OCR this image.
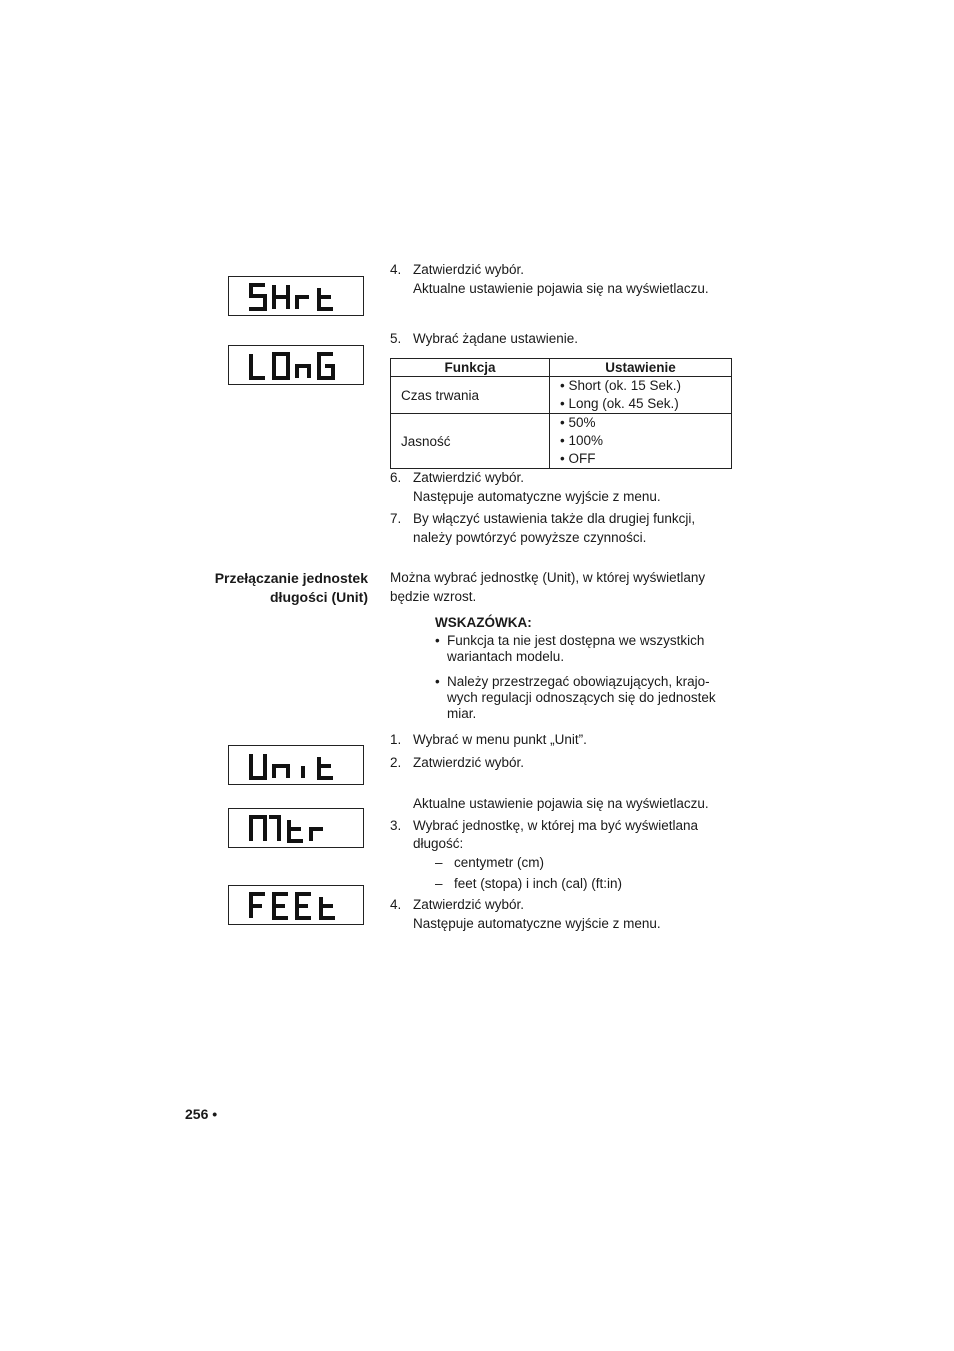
4. Zatwierdzić wybór.
Aktualne ustawienie pojawia się na wyświetlaczu.
5. Wybrać żądane ustawienie.
Funkcja	Ustawienie
Czas trwania	• Short (ok. 15 Sek.)
• Long (ok. 45 Sek.)

Jasność	• 50%
• 100%
• OFF
6. Zatwierdzić wybór.
Następuje automatyczne wyjście z menu.
7. By włączyć ustawienia także dla drugiej funkcji,
należy powtórzyć powyższe czynności.
Przełączanie jednostek
długości (Unit)
Można wybrać jednostkę (Unit), w której wyświetlany
będzie wzrost.
WSKAZÓWKA:
• Funkcja ta nie jest dostępna we wszystkich wariantach modelu.
• Należy przestrzegać obowiązujących, krajo-wych regulacji odnoszących się do jednostek miar.
1. Wybrać w menu punkt „Unit”.
2. Zatwierdzić wybór.
Aktualne ustawienie pojawia się na wyświetlaczu.
3. Wybrać jednostkę, w której ma być wyświetlana
długość:
– centymetr (cm)
– feet (stopa) i inch (cal) (ft:in)
4. Zatwierdzić wybór.
Następuje automatyczne wyjście z menu.
256 •
